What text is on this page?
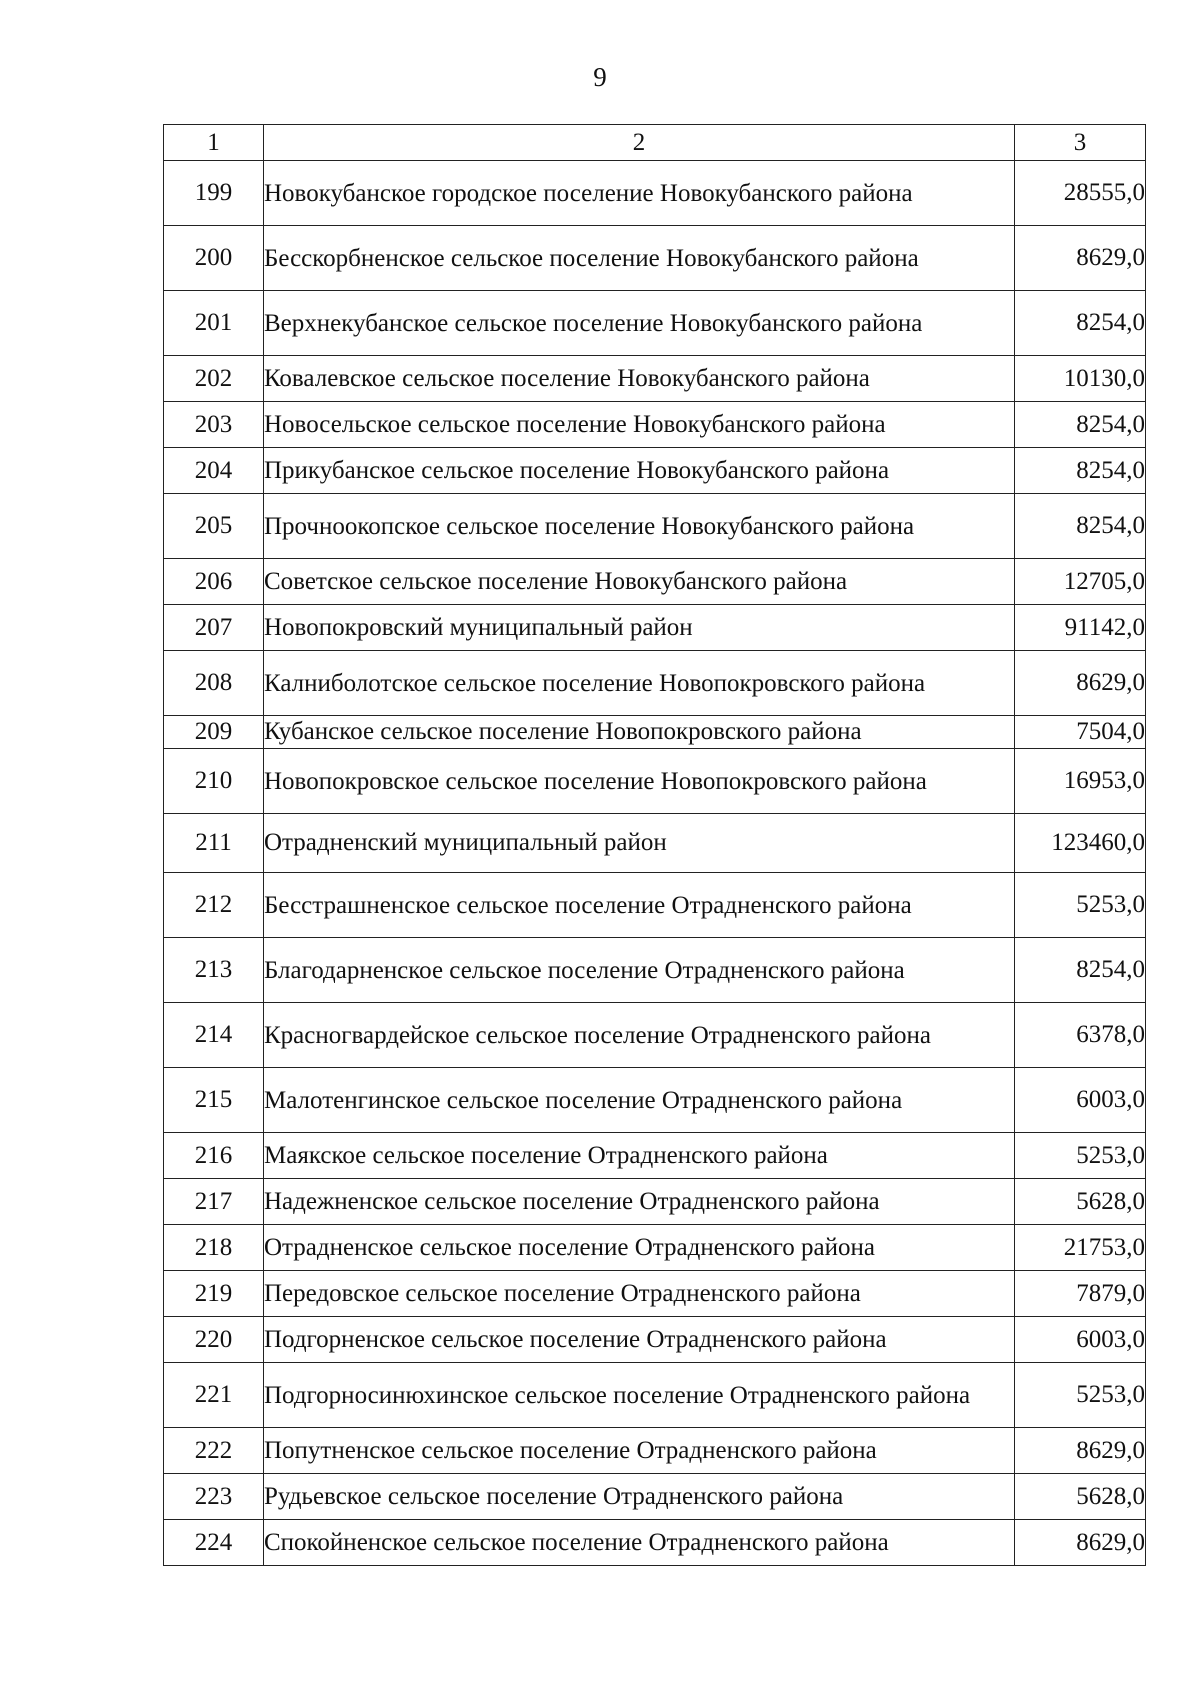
9
1	2	3
199	Новокубанское городское поселение Новокубанского района	28555,0
200	Бесскорбненское сельское поселение Новокубанского района	8629,0
201	Верхнекубанское сельское поселение Новокубанского района	8254,0
202	Ковалевское сельское поселение Новокубанского района	10130,0
203	Новосельское сельское поселение Новокубанского района	8254,0
204	Прикубанское сельское поселение Новокубанского района	8254,0
205	Прочноокопское сельское поселение Новокубанского района	8254,0
206	Советское сельское поселение Новокубанского района	12705,0
207	Новопокровский муниципальный район	91142,0
208	Калниболотское сельское поселение Новопокровского района	8629,0
209	Кубанское сельское поселение Новопокровского района	7504,0
210	Новопокровское сельское поселение Новопокровского района	16953,0
211	Отрадненский муниципальный район	123460,0
212	Бесстрашненское сельское поселение Отрадненского района	5253,0
213	Благодарненское сельское поселение Отрадненского района	8254,0
214	Красногвардейское сельское поселение Отрадненского района	6378,0
215	Малотенгинское сельское поселение Отрадненского района	6003,0
216	Маякское сельское поселение Отрадненского района	5253,0
217	Надежненское сельское поселение Отрадненского района	5628,0
218	Отрадненское сельское поселение Отрадненского района	21753,0
219	Передовское сельское поселение Отрадненского района	7879,0
220	Подгорненское сельское поселение Отрадненского района	6003,0
221	Подгорносинюхинское сельское поселение Отрадненского района	5253,0
222	Попутненское сельское поселение Отрадненского района	8629,0
223	Рудьевское сельское поселение Отрадненского района	5628,0
224	Спокойненское сельское поселение Отрадненского района	8629,0
